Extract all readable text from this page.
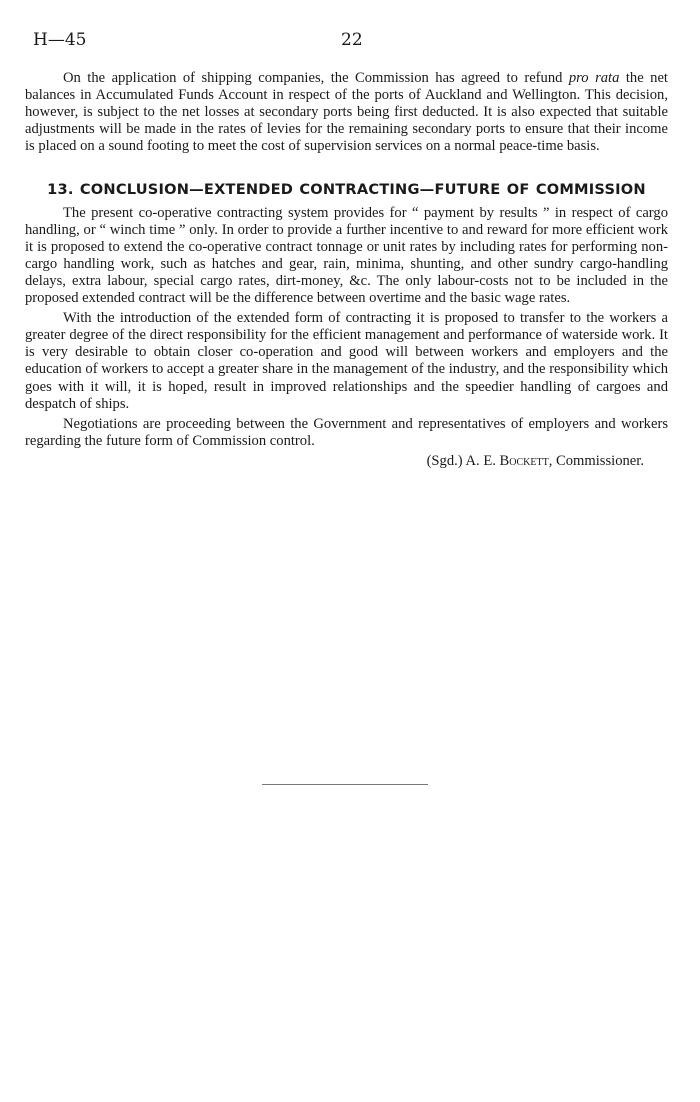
H—45	22

On the application of shipping companies, the Commission has agreed to refund pro rata the net balances in Accumulated Funds Account in respect of the ports of Auckland and Wellington. This decision, however, is subject to the net losses at secondary ports being first deducted. It is also expected that suitable adjustments will be made in the rates of levies for the remaining secondary ports to ensure that their income is placed on a sound footing to meet the cost of supervision services on a normal peace-time basis.

13. CONCLUSION—EXTENDED CONTRACTING—FUTURE OF COMMISSION

The present co-operative contracting system provides for “ payment by results ” in respect of cargo handling, or “ winch time ” only. In order to provide a further incentive to and reward for more efficient work it is proposed to extend the co-operative contract tonnage or unit rates by including rates for performing non-cargo handling work, such as hatches and gear, rain, minima, shunting, and other sundry cargo-handling delays, extra labour, special cargo rates, dirt-money, &c. The only labour-costs not to be included in the proposed extended contract will be the difference between overtime and the basic wage rates.

With the introduction of the extended form of contracting it is proposed to transfer to the workers a greater degree of the direct responsibility for the efficient management and performance of waterside work. It is very desirable to obtain closer co-operation and good will between workers and employers and the education of workers to accept a greater share in the management of the industry, and the responsibility which goes with it will, it is hoped, result in improved relationships and the speedier handling of cargoes and despatch of ships.

Negotiations are proceeding between the Government and representatives of employers and workers regarding the future form of Commission control.

(Sgd.) A. E. Bockett, Commissioner.
